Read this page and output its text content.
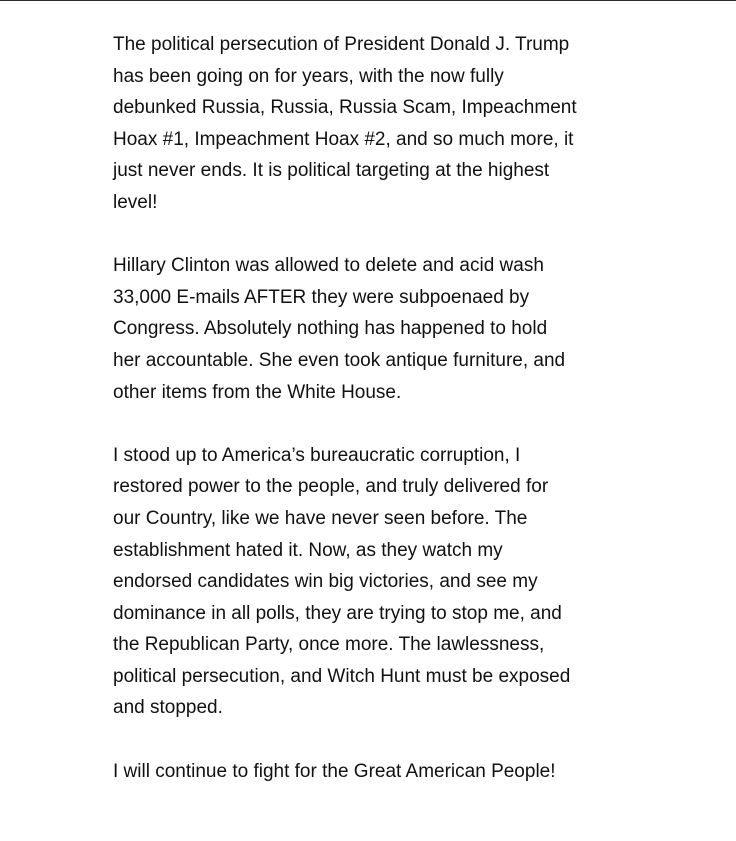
The political persecution of President Donald J. Trump
has been going on for years, with the now fully
debunked Russia, Russia, Russia Scam, Impeachment
Hoax #1, Impeachment Hoax #2, and so much more, it
just never ends. It is political targeting at the highest
level!

Hillary Clinton was allowed to delete and acid wash
33,000 E-mails AFTER they were subpoenaed by
Congress. Absolutely nothing has happened to hold
her accountable. She even took antique furniture, and
other items from the White House.

I stood up to America’s bureaucratic corruption, I
restored power to the people, and truly delivered for
our Country, like we have never seen before. The
establishment hated it. Now, as they watch my
endorsed candidates win big victories, and see my
dominance in all polls, they are trying to stop me, and
the Republican Party, once more. The lawlessness,
political persecution, and Witch Hunt must be exposed
and stopped.

I will continue to fight for the Great American People!
